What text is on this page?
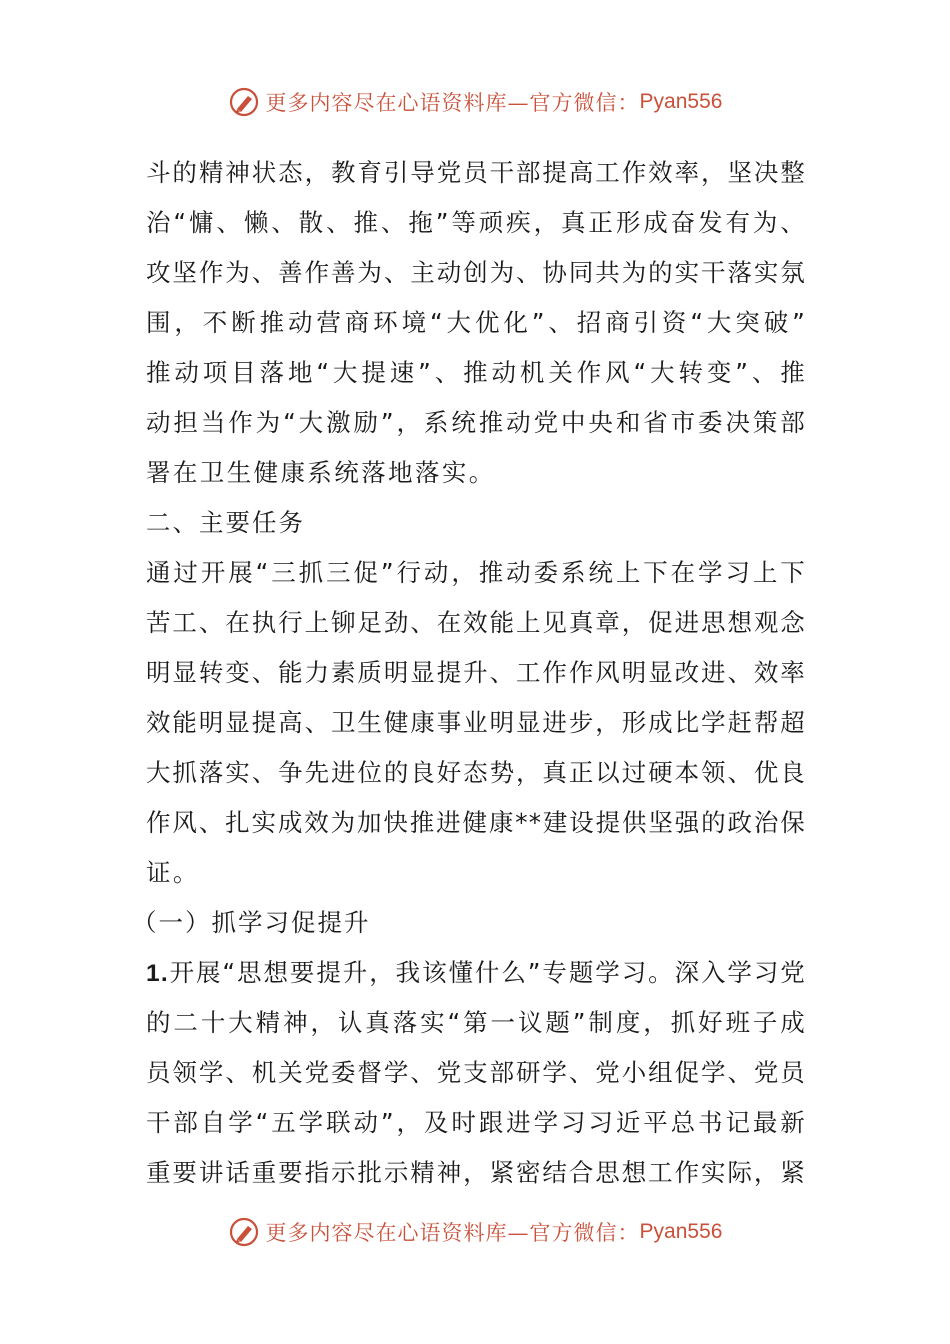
更多内容尽在心语资料库—官方微信： Pyan556
斗的精神状态，教育引导党员干部提高工作效率，坚决整
治“慵、懒、散、推、拖”等顽疾，真正形成奋发有为、
攻坚作为、善作善为、主动创为、协同共为的实干落实氛
围，不断推动营商环境“大优化”、招商引资“大突破”
推动项目落地“大提速”、推动机关作风“大转变”、推
动担当作为“大激励”，系统推动党中央和省市委决策部
署在卫生健康系统落地落实。
二、主要任务
通过开展“三抓三促”行动，推动委系统上下在学习上下
苦工、在执行上铆足劲、在效能上见真章，促进思想观念
明显转变、能力素质明显提升、工作作风明显改进、效率
效能明显提高、卫生健康事业明显进步，形成比学赶帮超
大抓落实、争先进位的良好态势，真正以过硬本领、优良
作风、扎实成效为加快推进健康**建设提供坚强的政治保
证。
（一）抓学习促提升
1.开展“思想要提升，我该懂什么”专题学习。深入学习党
的二十大精神，认真落实“第一议题”制度，抓好班子成
员领学、机关党委督学、党支部研学、党小组促学、党员
干部自学“五学联动”，及时跟进学习习近平总书记最新
重要讲话重要指示批示精神，紧密结合思想工作实际，紧
更多内容尽在心语资料库—官方微信： Pyan556
